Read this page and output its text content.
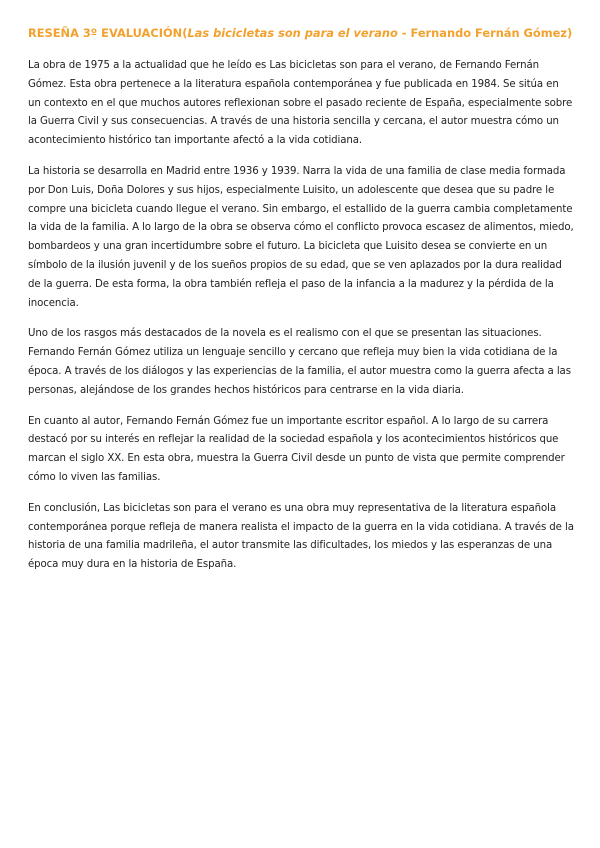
RESEÑA 3º EVALUACIÓN(Las bicicletas son para el verano - Fernando Fernán Gómez)

La obra de 1975 a la actualidad que he leído es Las bicicletas son para el verano, de Fernando Fernán Gómez. Esta obra pertenece a la literatura española contemporánea y fue publicada en 1984. Se sitúa en un contexto en el que muchos autores reflexionan sobre el pasado reciente de España, especialmente sobre la Guerra Civil y sus consecuencias. A través de una historia sencilla y cercana, el autor muestra cómo un acontecimiento histórico tan importante afectó a la vida cotidiana.

La historia se desarrolla en Madrid entre 1936 y 1939. Narra la vida de una familia de clase media formada por Don Luis, Doña Dolores y sus hijos, especialmente Luisito, un adolescente que desea que su padre le compre una bicicleta cuando llegue el verano. Sin embargo, el estallido de la guerra cambia completamente la vida de la familia. A lo largo de la obra se observa cómo el conflicto provoca escasez de alimentos, miedo, bombardeos y una gran incertidumbre sobre el futuro. La bicicleta que Luisito desea se convierte en un símbolo de la ilusión juvenil y de los sueños propios de su edad, que se ven aplazados por la dura realidad de la guerra. De esta forma, la obra también refleja el paso de la infancia a la madurez y la pérdida de la inocencia.

Uno de los rasgos más destacados de la novela es el realismo con el que se presentan las situaciones. Fernando Fernán Gómez utiliza un lenguaje sencillo y cercano que refleja muy bien la vida cotidiana de la época. A través de los diálogos y las experiencias de la familia, el autor muestra como la guerra afecta a las personas, alejándose de los grandes hechos históricos para centrarse en la vida diaria.

En cuanto al autor, Fernando Fernán Gómez fue un importante escritor español. A lo largo de su carrera destacó por su interés en reflejar la realidad de la sociedad española y los acontecimientos históricos que marcan el siglo XX. En esta obra, muestra la Guerra Civil desde un punto de vista que permite comprender cómo lo viven las familias.

En conclusión, Las bicicletas son para el verano es una obra muy representativa de la literatura española contemporánea porque refleja de manera realista el impacto de la guerra en la vida cotidiana. A través de la historia de una familia madrileña, el autor transmite las dificultades, los miedos y las esperanzas de una época muy dura en la historia de España.
